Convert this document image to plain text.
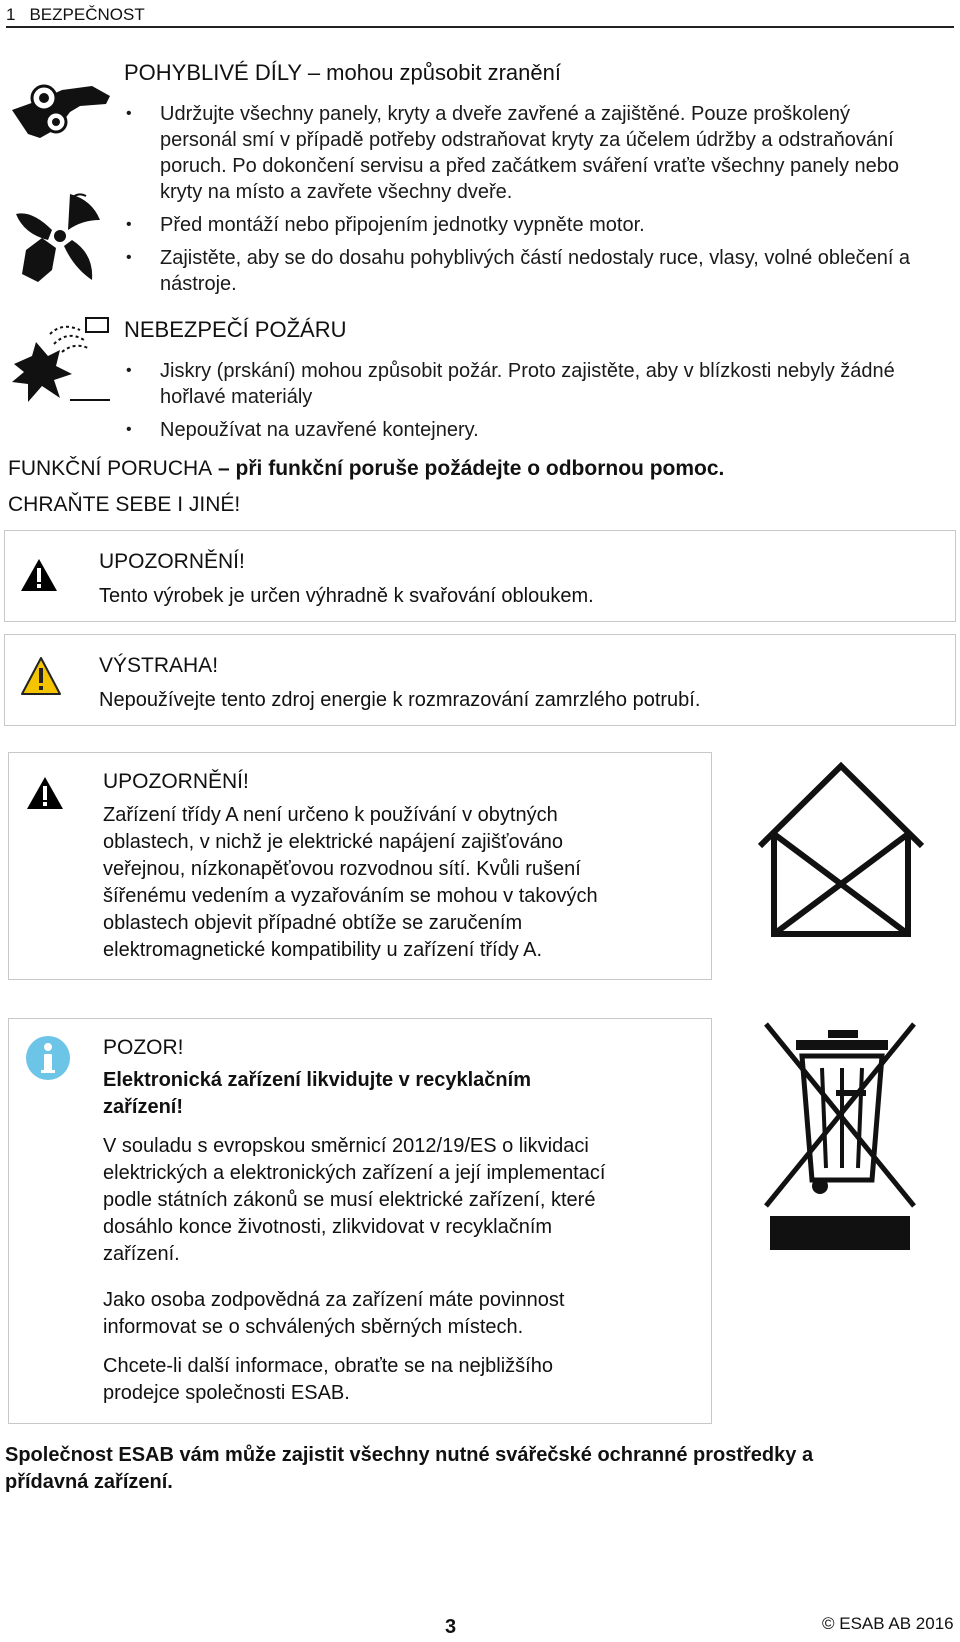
1 BEZPEČNOST
POHYBLIVÉ DÍLY – mohou způsobit zranění
• Udržujte všechny panely, kryty a dveře zavřené a zajištěné. Pouze proškolený personál smí v případě potřeby odstraňovat kryty za účelem údržby a odstraňování poruch. Po dokončení servisu a před začátkem sváření vraťte všechny panely nebo kryty na místo a zavřete všechny dveře.
• Před montáží nebo připojením jednotky vypněte motor.
• Zajistěte, aby se do dosahu pohyblivých částí nedostaly ruce, vlasy, volné oblečení a nástroje.
NEBEZPEČÍ POŽÁRU
• Jiskry (prskání) mohou způsobit požár. Proto zajistěte, aby v blízkosti nebyly žádné hořlavé materiály
• Nepoužívat na uzavřené kontejnery.
FUNKČNÍ PORUCHA – při funkční poruše požádejte o odbornou pomoc.
CHRAŇTE SEBE I JINÉ!
UPOZORNĚNÍ!
Tento výrobek je určen výhradně k svařování obloukem.
VÝSTRAHA!
Nepoužívejte tento zdroj energie k rozmrazování zamrzlého potrubí.
UPOZORNĚNÍ!
Zařízení třídy A není určeno k používání v obytných
oblastech, v nichž je elektrické napájení zajišťováno
veřejnou, nízkonapěťovou rozvodnou sítí. Kvůli rušení
šířenému vedením a vyzařováním se mohou v takových
oblastech objevit případné obtíže se zaručením
elektromagnetické kompatibility u zařízení třídy A.
POZOR!
Elektronická zařízení likvidujte v recyklačním
zařízení!
V souladu s evropskou směrnicí 2012/19/ES o likvidaci
elektrických a elektronických zařízení a její implementací
podle státních zákonů se musí elektrické zařízení, které
dosáhlo konce životnosti, zlikvidovat v recyklačním
zařízení.
Jako osoba zodpovědná za zařízení máte povinnost
informovat se o schválených sběrných místech.
Chcete-li další informace, obraťte se na nejbližšího
prodejce společnosti ESAB.
Společnost ESAB vám může zajistit všechny nutné svářečské ochranné prostředky a
přídavná zařízení.
3	© ESAB AB 2016
